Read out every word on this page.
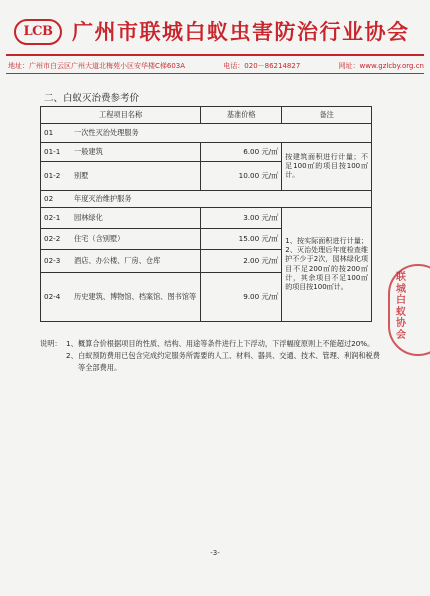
LCB 广州市联城白蚁虫害防治行业协会
地址：广州市白云区广州大道北梅苑小区安华楼C梯603A	电话：020－86214827	网址：www.gzlcby.org.cn
二、白蚁灭治费参考价
工程项目名称	基准价格	备注
01 一次性灭治处理服务		
01-1 一般建筑	6.00 元/㎡	按建筑面积进行计量；不足100㎡的项目按100㎡计。
01-2 别墅	10.00 元/㎡	
02 年度灭治维护服务		
02-1 园林绿化	3.00 元/㎡	1、按实际面积进行计量；2、灭治处理后年度检查维护不少于2次，园林绿化项目不足200㎡的按200㎡计，其余项目不足100㎡的项目按100㎡计。
02-2 住宅（含别墅）	15.00 元/㎡	
02-3 酒店、办公楼、厂房、仓库	2.00 元/㎡	
02-4 历史建筑、博物馆、档案馆、图书馆等	9.00 元/㎡	
说明： 1、 概算合价根据项目的性质、结构、用途等条件进行上下浮动，下浮幅度原则上不能超过20%。
2、 白蚁预防费用已包含完成约定服务所需要的人工、材料、器具、交通、技术、管理、利润和税费等全部费用。
联城白蚁协会
-3-
